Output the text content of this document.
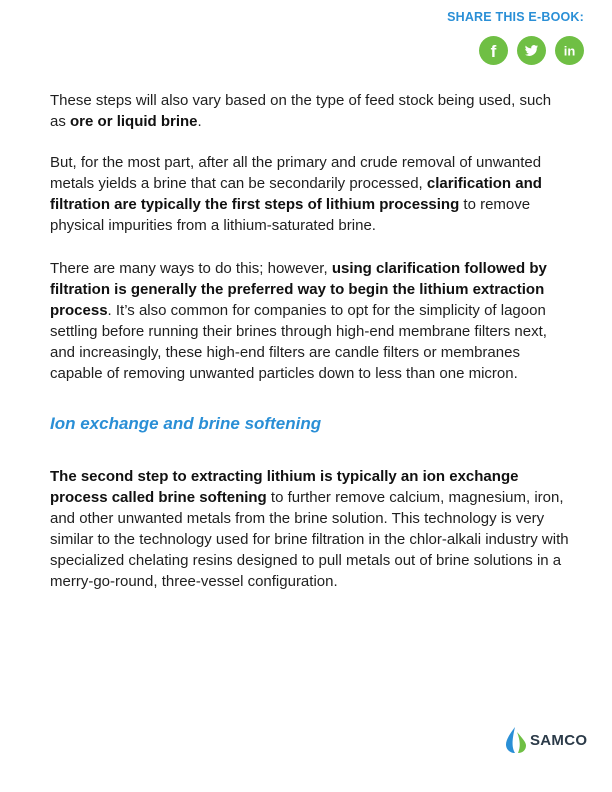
SHARE THIS E-BOOK:
f	in

These steps will also vary based on the type of feed stock being used, such as ore or liquid brine.

But, for the most part, after all the primary and crude removal of unwanted metals yields a brine that can be secondarily processed, clarification and filtration are typically the first steps of lithium processing to remove physical impurities from a lithium-saturated brine.

There are many ways to do this; however, using clarification followed by filtration is generally the preferred way to begin the lithium extraction process. It’s also common for companies to opt for the simplicity of lagoon settling before running their brines through high-end membrane filters next, and increasingly, these high-end filters are candle filters or membranes capable of removing unwanted particles down to less than one micron.

Ion exchange and brine softening

The second step to extracting lithium is typically an ion exchange process called brine softening to further remove calcium, magnesium, iron, and other unwanted metals from the brine solution. This technology is very similar to the technology used for brine filtration in the chlor-alkali industry with specialized chelating resins designed to pull metals out of brine solutions in a merry-go-round, three-vessel configuration.

SAMCO
